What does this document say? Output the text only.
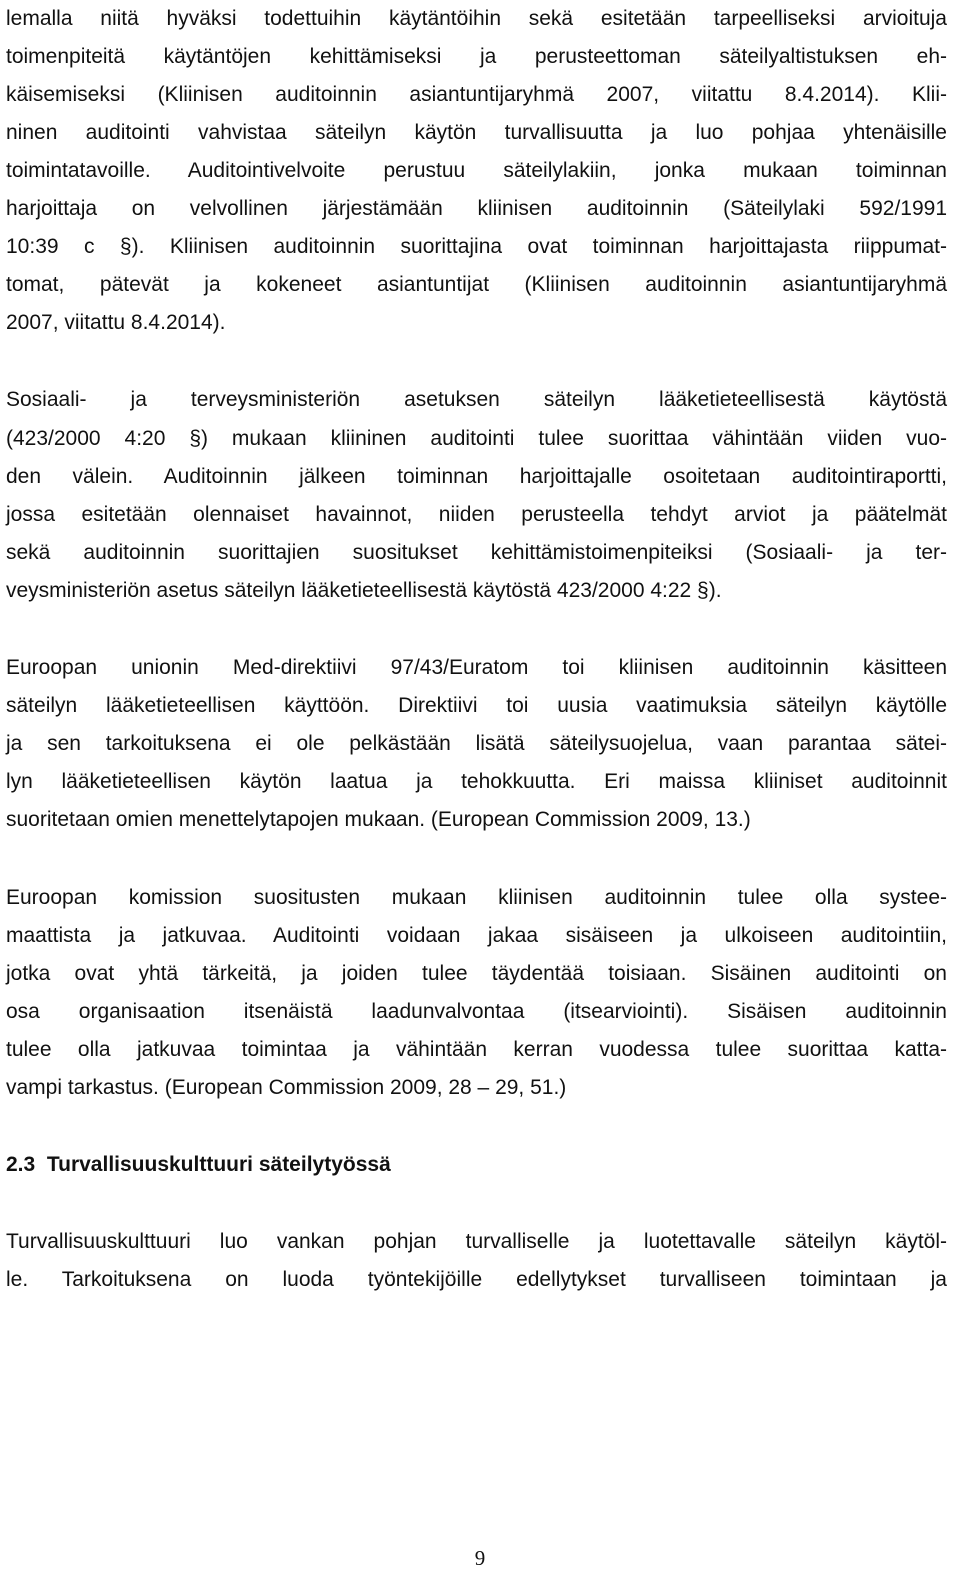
lemalla niitä hyväksi todettuihin käytäntöihin sekä esitetään tarpeelliseksi arvioituja
toimenpiteitä käytäntöjen kehittämiseksi ja perusteettoman säteilyaltistuksen eh-
käisemiseksi (Kliinisen auditoinnin asiantuntijaryhmä 2007, viitattu 8.4.2014). Klii-
ninen auditointi vahvistaa säteilyn käytön turvallisuutta ja luo pohjaa yhtenäisille
toimintatavoille. Auditointivelvoite perustuu säteilylakiin, jonka mukaan toiminnan
harjoittaja on velvollinen järjestämään kliinisen auditoinnin (Säteilylaki 592/1991
10:39 c §). Kliinisen auditoinnin suorittajina ovat toiminnan harjoittajasta riippumat-
tomat, pätevät ja kokeneet asiantuntijat (Kliinisen auditoinnin asiantuntijaryhmä
2007, viitattu 8.4.2014).
Sosiaali- ja terveysministeriön asetuksen säteilyn lääketieteellisestä käytöstä
(423/2000 4:20 §) mukaan kliininen auditointi tulee suorittaa vähintään viiden vuo-
den välein. Auditoinnin jälkeen toiminnan harjoittajalle osoitetaan auditointiraportti,
jossa esitetään olennaiset havainnot, niiden perusteella tehdyt arviot ja päätelmät
sekä auditoinnin suorittajien suositukset kehittämistoimenpiteiksi (Sosiaali- ja ter-
veysministeriön asetus säteilyn lääketieteellisestä käytöstä 423/2000 4:22 §).
Euroopan unionin Med-direktiivi 97/43/Euratom toi kliinisen auditoinnin käsitteen
säteilyn lääketieteellisen käyttöön. Direktiivi toi uusia vaatimuksia säteilyn käytölle
ja sen tarkoituksena ei ole pelkästään lisätä säteilysuojelua, vaan parantaa sätei-
lyn lääketieteellisen käytön laatua ja tehokkuutta. Eri maissa kliiniset auditoinnit
suoritetaan omien menettelytapojen mukaan. (European Commission 2009, 13.)
Euroopan komission suositusten mukaan kliinisen auditoinnin tulee olla systee-
maattista ja jatkuvaa. Auditointi voidaan jakaa sisäiseen ja ulkoiseen auditointiin,
jotka ovat yhtä tärkeitä, ja joiden tulee täydentää toisiaan. Sisäinen auditointi on
osa organisaation itsenäistä laadunvalvontaa (itsearviointi). Sisäisen auditoinnin
tulee olla jatkuvaa toimintaa ja vähintään kerran vuodessa tulee suorittaa katta-
vampi tarkastus. (European Commission 2009, 28 – 29, 51.)
2.3  Turvallisuuskulttuuri säteilytyössä
Turvallisuuskulttuuri luo vankan pohjan turvalliselle ja luotettavalle säteilyn käytöl-
le. Tarkoituksena on luoda työntekijöille edellytykset turvalliseen toimintaan ja
9
